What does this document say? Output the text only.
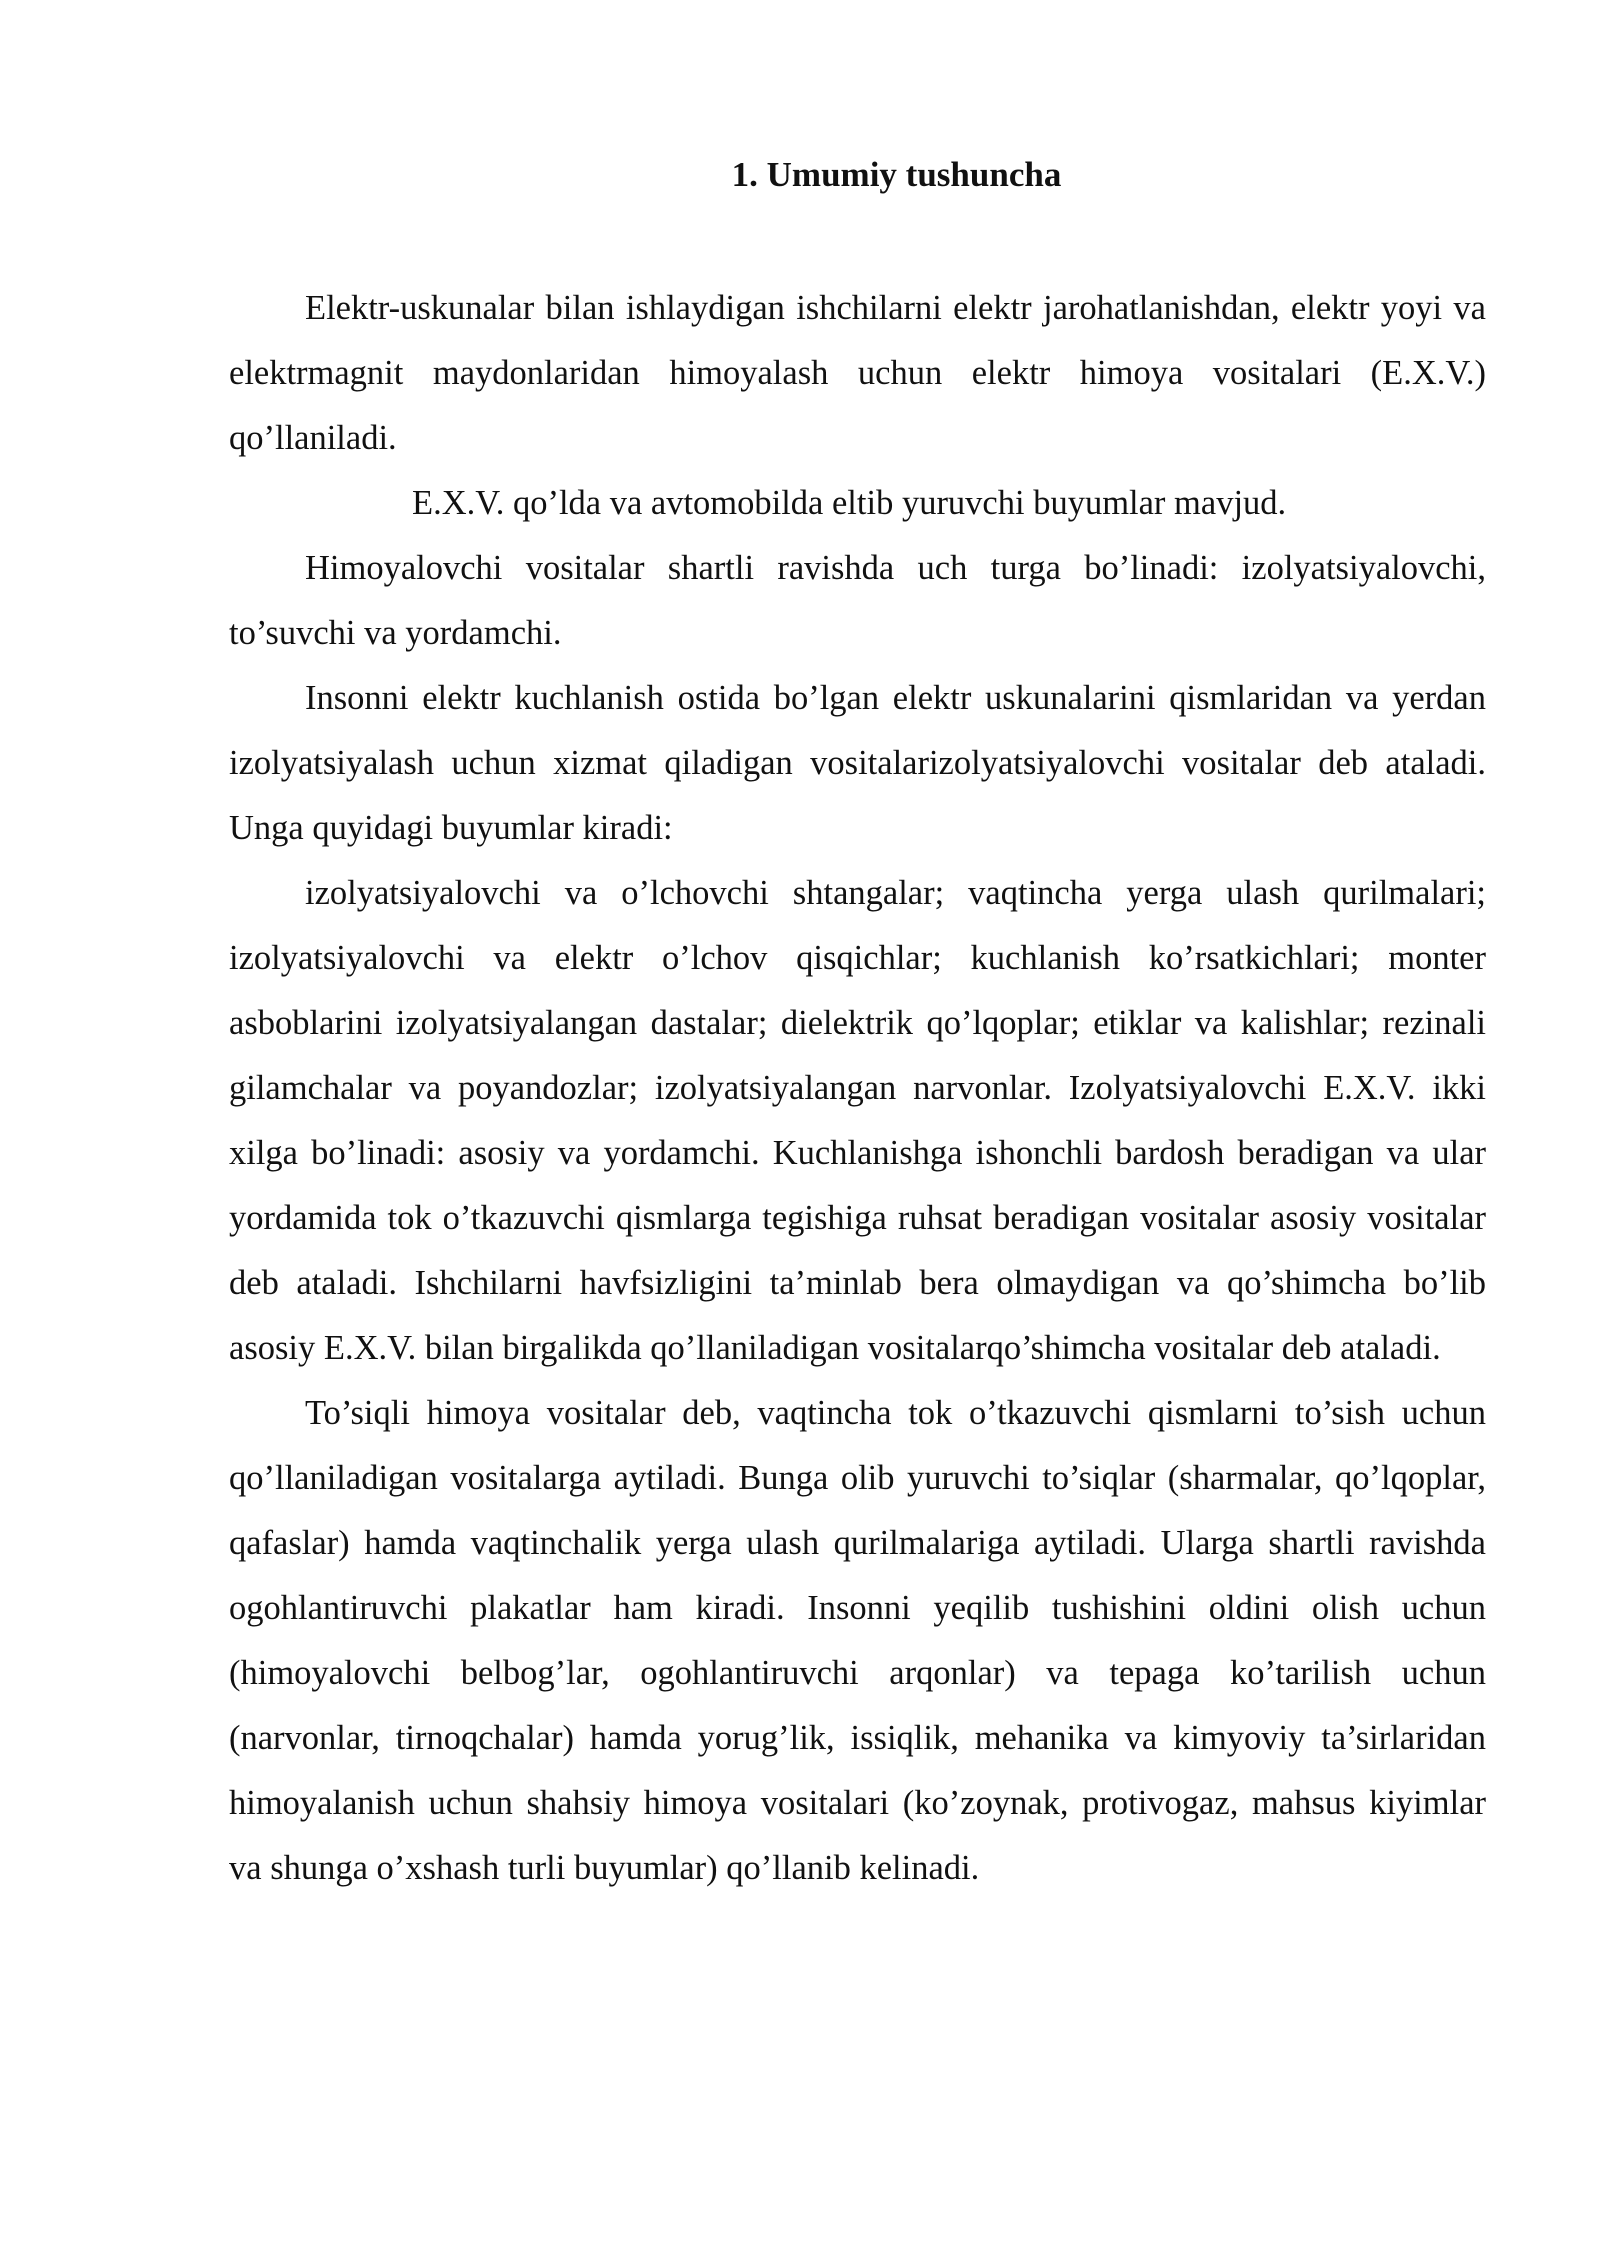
1. Umumiy tushuncha

Elektr-uskunalar bilan ishlaydigan ishchilarni elektr jarohatlanishdan, elektr yoyi va elektrmagnit maydonlaridan himoyalash uchun elektr himoya vositalari (E.X.V.) qo’llaniladi.

E.X.V. qo’lda va avtomobilda eltib yuruvchi buyumlar mavjud.

Himoyalovchi vositalar shartli ravishda uch turga bo’linadi: izolyatsiyalovchi, to’suvchi va yordamchi.

Insonni elektr kuchlanish ostida bo’lgan elektr uskunalarini qismlaridan va yerdan izolyatsiyalash uchun xizmat qiladigan vositalarizolyatsiyalovchi vositalar deb ataladi. Unga quyidagi buyumlar kiradi:

izolyatsiyalovchi va o’lchovchi shtangalar; vaqtincha yerga ulash qurilmalari; izolyatsiyalovchi va elektr o’lchov qisqichlar; kuchlanish ko’rsatkichlari; monter asboblarini izolyatsiyalangan dastalar; dielektrik qo’lqoplar; etiklar va kalishlar; rezinali gilamchalar va poyandozlar; izolyatsiyalangan narvonlar. Izolyatsiyalovchi E.X.V. ikki xilga bo’linadi: asosiy va yordamchi. Kuchlanishga ishonchli bardosh beradigan va ular yordamida tok o’tkazuvchi qismlarga tegishiga ruhsat beradigan vositalar asosiy vositalar deb ataladi. Ishchilarni havfsizligini ta’minlab bera olmaydigan va qo’shimcha bo’lib asosiy E.X.V. bilan birgalikda qo’llaniladigan vositalarqo’shimcha vositalar deb ataladi.

To’siqli himoya vositalar deb, vaqtincha tok o’tkazuvchi qismlarni to’sish uchun qo’llaniladigan vositalarga aytiladi. Bunga olib yuruvchi to’siqlar (sharmalar, qo’lqoplar, qafaslar) hamda vaqtinchalik yerga ulash qurilmalariga aytiladi. Ularga shartli ravishda ogohlantiruvchi plakatlar ham kiradi. Insonni yeqilib tushishini oldini olish uchun (himoyalovchi belbog’lar, ogohlantiruvchi arqonlar) va tepaga ko’tarilish uchun (narvonlar, tirnoqchalar) hamda yorug’lik, issiqlik, mehanika va kimyoviy ta’sirlaridan himoyalanish uchun shahsiy himoya vositalari (ko’zoynak, protivogaz, mahsus kiyimlar va shunga o’xshash turli buyumlar) qo’llanib kelinadi.
